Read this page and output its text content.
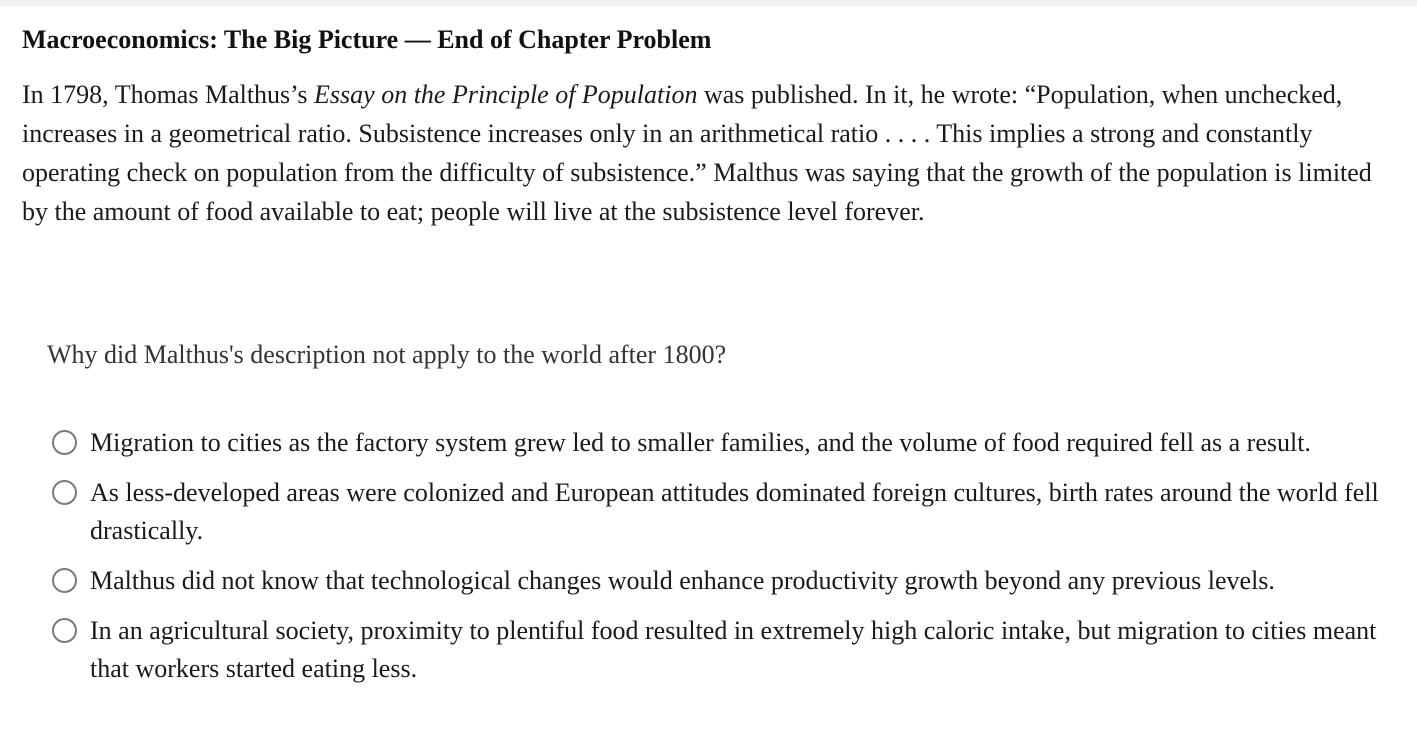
Macroeconomics: The Big Picture — End of Chapter Problem

In 1798, Thomas Malthus’s Essay on the Principle of Population was published. In it, he wrote: “Population, when unchecked, increases in a geometrical ratio. Subsistence increases only in an arithmetical ratio . . . . This implies a strong and constantly operating check on population from the difficulty of subsistence.” Malthus was saying that the growth of the population is limited by the amount of food available to eat; people will live at the subsistence level forever.

Why did Malthus's description not apply to the world after 1800?

Migration to cities as the factory system grew led to smaller families, and the volume of food required fell as a result.
As less-developed areas were colonized and European attitudes dominated foreign cultures, birth rates around the world fell drastically.
Malthus did not know that technological changes would enhance productivity growth beyond any previous levels.
In an agricultural society, proximity to plentiful food resulted in extremely high caloric intake, but migration to cities meant that workers started eating less.
